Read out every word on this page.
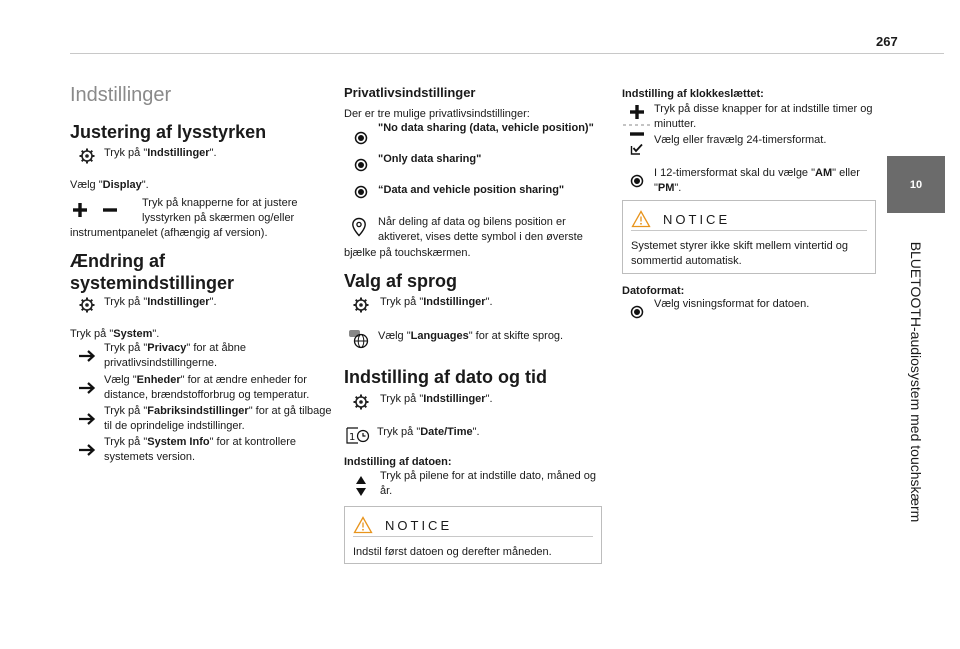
267
10
BLUETOOTH-audiosystem med touchskærm
Indstillinger
Justering af lysstyrken
Tryk på "Indstillinger".
Vælg "Display".
Tryk på knapperne for at justere
lysstyrken på skærmen og/eller
instrumentpanelet (afhængig af version).
Ændring af
systemindstillinger
Tryk på "Indstillinger".
Tryk på "System".
Tryk på "Privacy" for at åbne privatlivsindstillingerne.
Vælg "Enheder" for at ændre enheder for distance, brændstofforbrug og temperatur.
Tryk på "Fabriksindstillinger" for at gå tilbage til de oprindelige indstillinger.
Tryk på "System Info" for at kontrollere systemets version.
Privatlivsindstillinger
Der er tre mulige privatlivsindstillinger:
"No data sharing (data, vehicle position)"
"Only data sharing"
“Data and vehicle position sharing"
Når deling af data og bilens position er
aktiveret, vises dette symbol i den øverste
bjælke på touchskærmen.
Valg af sprog
Tryk på "Indstillinger".
Vælg "Languages" for at skifte sprog.
Indstilling af dato og tid
Tryk på "Indstillinger".
1	Tryk på "Date/Time".
Indstilling af datoen:
Tryk på pilene for at indstille dato, måned og år.
NOTICE
Indstil først datoen og derefter måneden.
Indstilling af klokkeslættet:
Tryk på disse knapper for at indstille timer og minutter.
Vælg eller fravælg 24-timersformat.
I 12-timersformat skal du vælge "AM" eller "PM".
NOTICE
Systemet styrer ikke skift mellem vintertid og sommertid automatisk.
Datoformat:
Vælg visningsformat for datoen.
